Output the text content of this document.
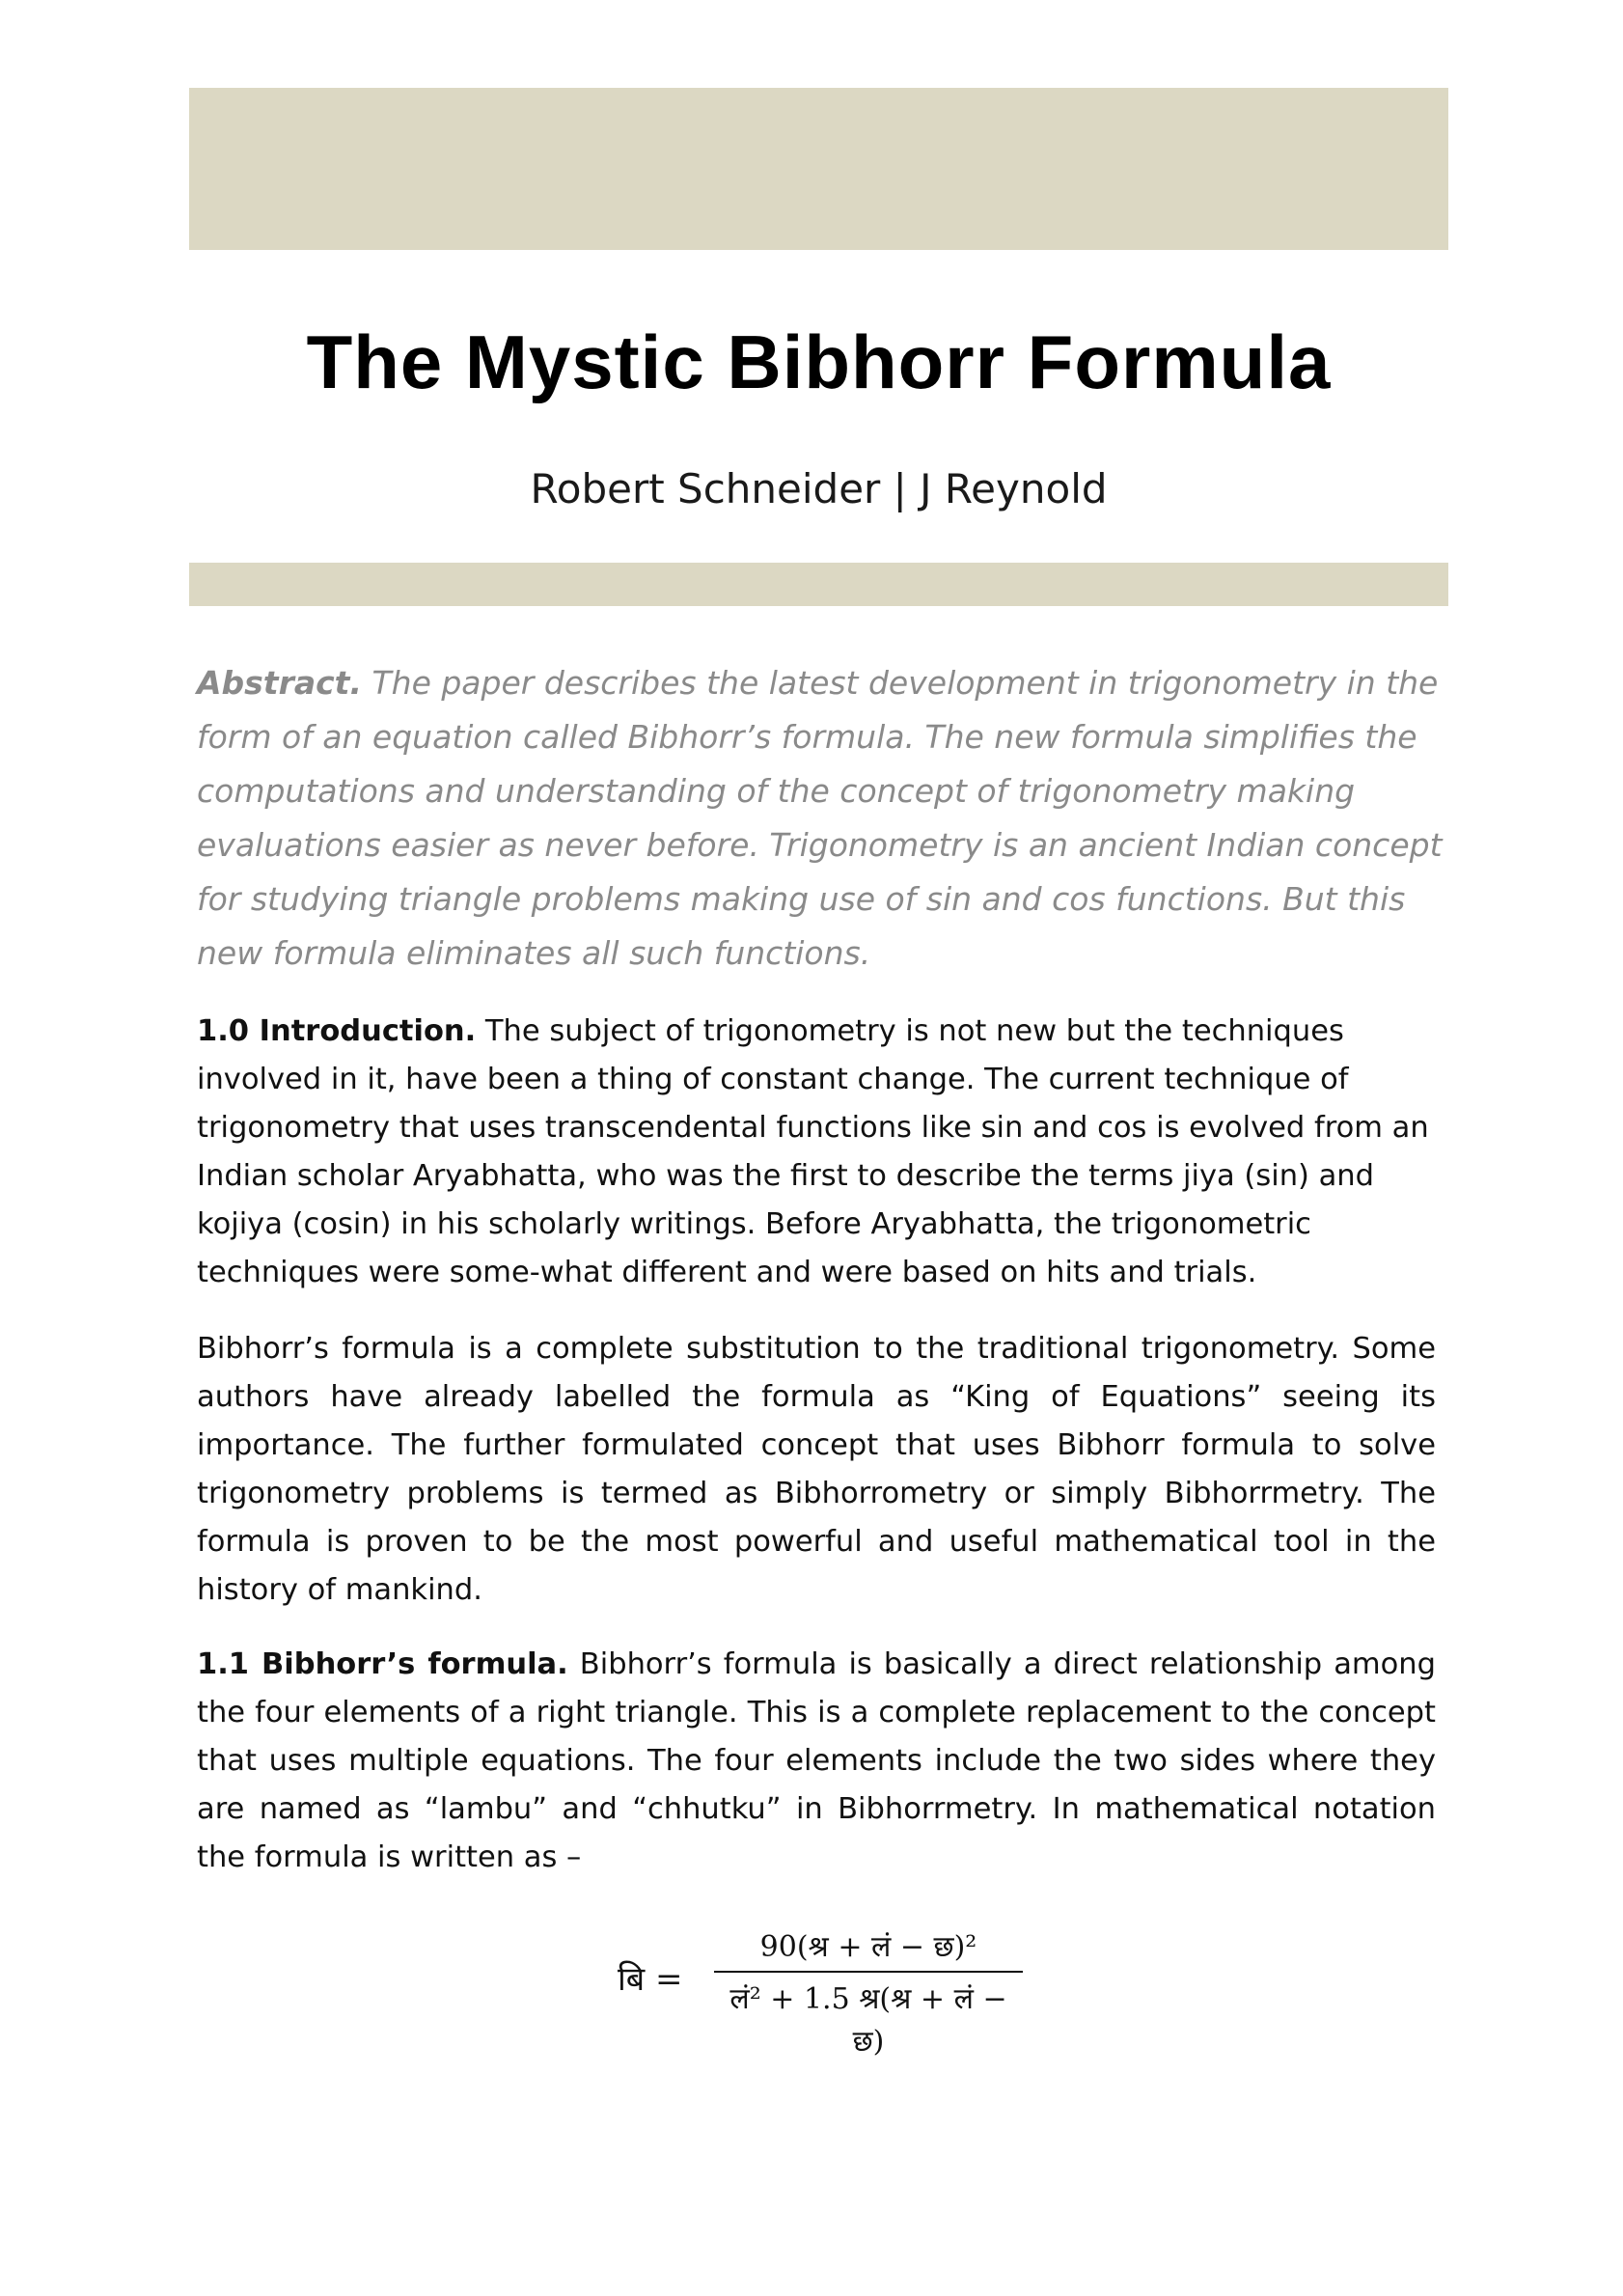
The Mystic Bibhorr Formula
Robert Schneider | J Reynold
Abstract. The paper describes the latest development in trigonometry in the form of an equation called Bibhorr’s formula. The new formula simplifies the computations and understanding of the concept of trigonometry making evaluations easier as never before. Trigonometry is an ancient Indian concept for studying triangle problems making use of sin and cos functions. But this new formula eliminates all such functions.
1.0 Introduction. The subject of trigonometry is not new but the techniques involved in it, have been a thing of constant change. The current technique of trigonometry that uses transcendental functions like sin and cos is evolved from an Indian scholar Aryabhatta, who was the first to describe the terms jiya (sin) and kojiya (cosin) in his scholarly writings. Before Aryabhatta, the trigonometric techniques were some-what different and were based on hits and trials.
Bibhorr’s formula is a complete substitution to the traditional trigonometry. Some authors have already labelled the formula as “King of Equations” seeing its importance. The further formulated concept that uses Bibhorr formula to solve trigonometry problems is termed as Bibhorrometry or simply Bibhorrmetry. The formula is proven to be the most powerful and useful mathematical tool in the history of mankind.
1.1 Bibhorr’s formula. Bibhorr’s formula is basically a direct relationship among the four elements of a right triangle. This is a complete replacement to the concept that uses multiple equations. The four elements include the two sides where they are named as “lambu” and “chhutku” in Bibhorrmetry. In mathematical notation the formula is written as –
बि =
90(श्र + लं − छ)²
लं² + 1.5 श्र(श्र + लं − छ)
